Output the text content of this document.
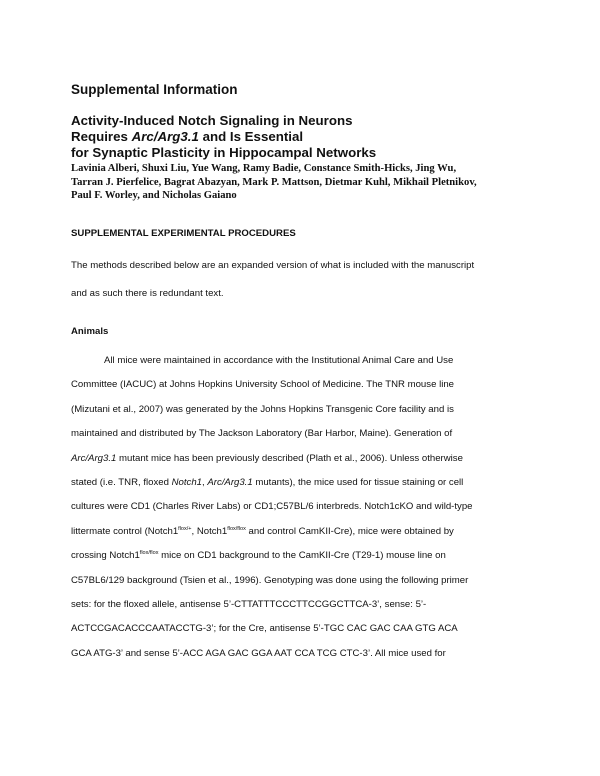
Supplemental Information
Activity-Induced Notch Signaling in Neurons
Requires Arc/Arg3.1 and Is Essential
for Synaptic Plasticity in Hippocampal Networks
Lavinia Alberi, Shuxi Liu, Yue Wang, Ramy Badie, Constance Smith-Hicks, Jing Wu,
Tarran J. Pierfelice, Bagrat Abazyan, Mark P. Mattson, Dietmar Kuhl, Mikhail Pletnikov,
Paul F. Worley, and Nicholas Gaiano
SUPPLEMENTAL EXPERIMENTAL PROCEDURES
The methods described below are an expanded version of what is included with the manuscript
and as such there is redundant text.
Animals
All mice were maintained in accordance with the Institutional Animal Care and Use
Committee (IACUC) at Johns Hopkins University School of Medicine. The TNR mouse line
(Mizutani et al., 2007) was generated by the Johns Hopkins Transgenic Core facility and is
maintained and distributed by The Jackson Laboratory (Bar Harbor, Maine). Generation of
Arc/Arg3.1 mutant mice has been previously described (Plath et al., 2006). Unless otherwise
stated (i.e. TNR, floxed Notch1, Arc/Arg3.1 mutants), the mice used for tissue staining or cell
cultures were CD1 (Charles River Labs) or CD1;C57BL/6 interbreds. Notch1cKO and wild-type
littermate control ($Notch1^{flox/+}$, $Notch1^{flox/flox}$ and control CamKII-Cre), mice were obtained by
crossing $Notch1^{flox/flox}$ mice on CD1 background to the CamKII-Cre (T29-1) mouse line on
C57BL6/129 background (Tsien et al., 1996). Genotyping was done using the following primer
sets: for the floxed allele, antisense 5’-CTTATTTCCCTTCCGGCTTCA-3’, sense: 5’-
ACTCCGACACCCAATACCTG-3’; for the Cre, antisense 5’-TGC CAC GAC CAA GTG ACA
GCA ATG-3’ and sense 5’-ACC AGA GAC GGA AAT CCA TCG CTC-3’. All mice used for
